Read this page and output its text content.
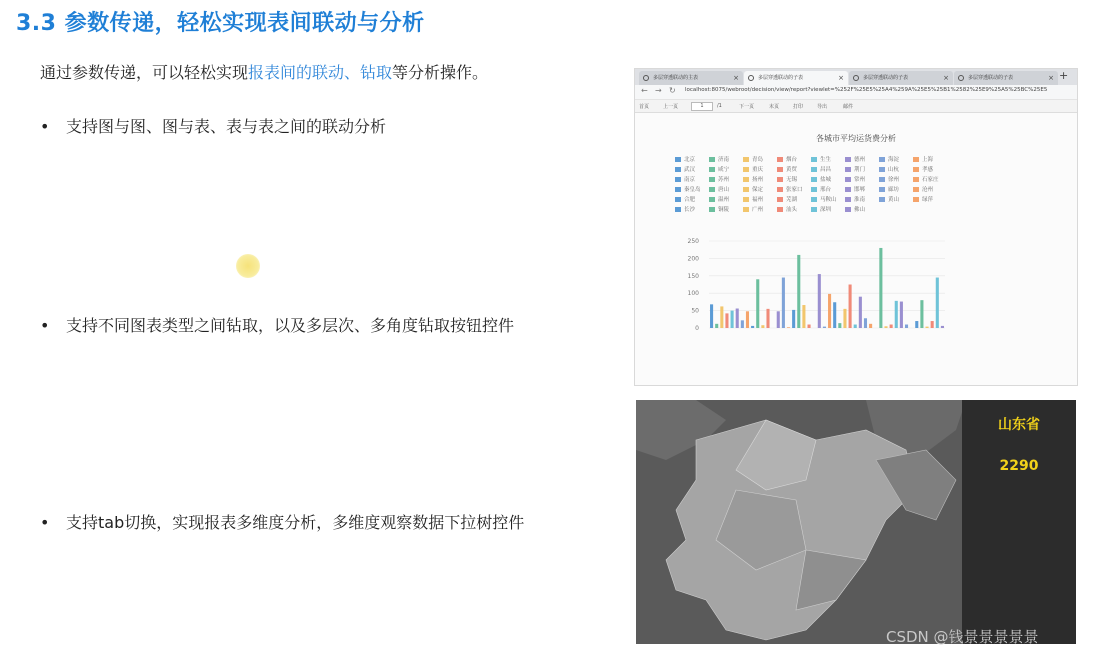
3.3 参数传递，轻松实现表间联动与分析
通过参数传递，可以轻松实现报表间的联动、钻取等分析操作。
• 支持图与图、图与表、表与表之间的联动分析
• 支持不同图表类型之间钻取，以及多层次、多角度钻取按钮控件
• 支持tab切换，实现报表多维度分析，多维度观察数据下拉树控件
多层穿透联动的主表	×	多层穿透联动的子表	×	多层穿透联动的子表	×	多层穿透联动的子表	× +
← → ↻ localhost:8075/webroot/decision/view/report?viewlet=%252F%25E5%25A4%259A%25E5%25B1%2582%25E9%25A5%25BC%25E5
首页	上一页	1	/1	下一页	末页	打印	导出	邮件
各城市平均运货费分析
北京	济南	青岛	烟台	生生	德州	海淀	上海
武汉	咸宁	重庆	黄贸	昌昌	荆门	山杭	孝感
南京	苏州	扬州	无锡	盐城	常州	徐州	石家庄
秦皇岛	唐山	保定	张家口	邢台	邯郸	廊坊	沧州
合肥	温州	福州	芜湖	马鞍山	淮南	黄山	绿萍
长沙	铜陵	广州	汕头	深圳	佛山
0
50
100
150
200
250
山东省
2290
CSDN @钱景景景景景
